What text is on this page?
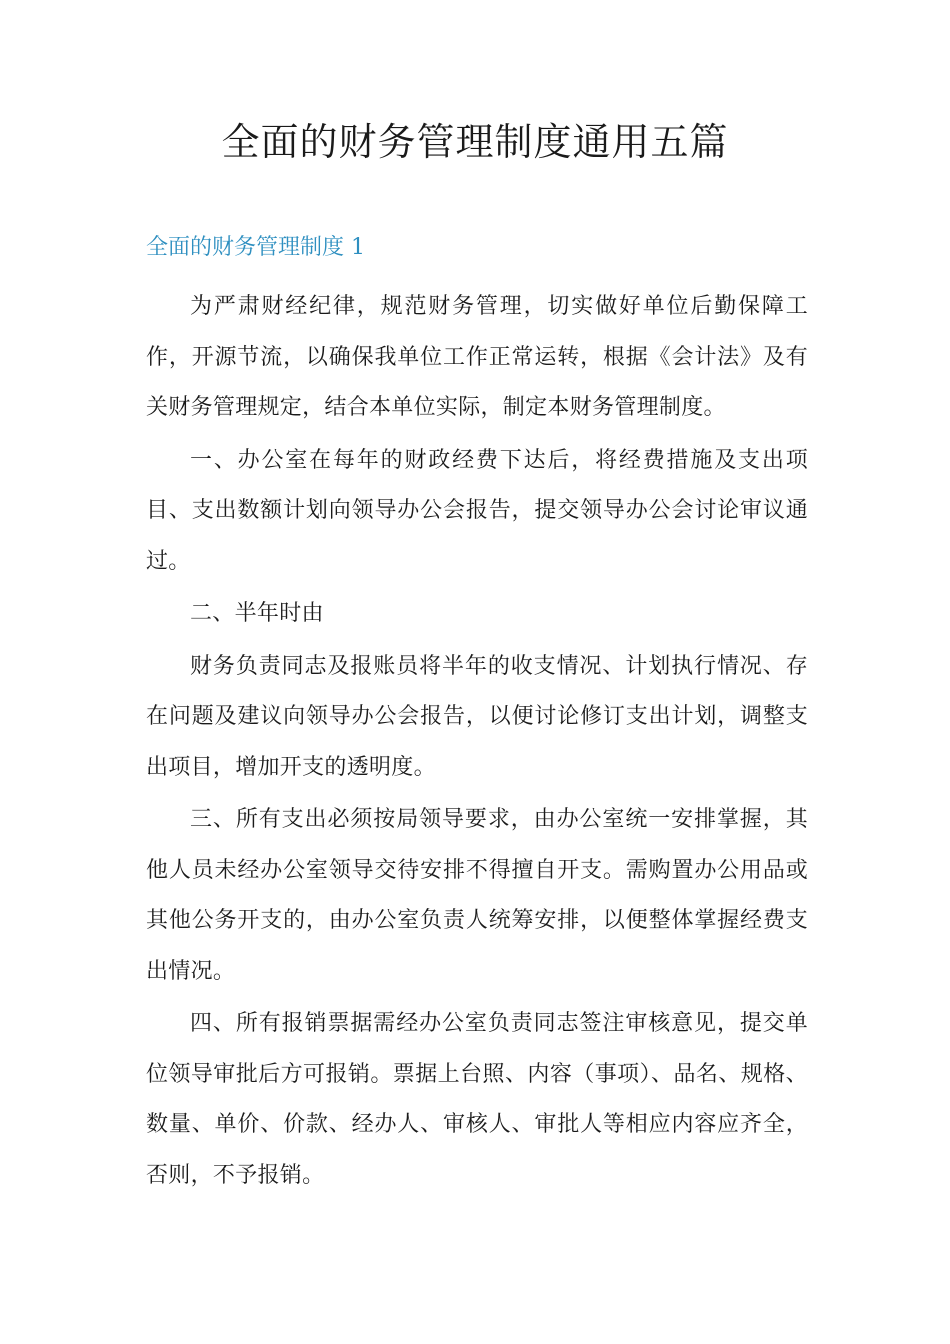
全面的财务管理制度通用五篇
全面的财务管理制度 1

为严肃财经纪律，规范财务管理，切实做好单位后勤保障工作，开源节流，以确保我单位工作正常运转，根据《会计法》及有关财务管理规定，结合本单位实际，制定本财务管理制度。

一、办公室在每年的财政经费下达后，将经费措施及支出项目、支出数额计划向领导办公会报告，提交领导办公会讨论审议通过。

二、半年时由

财务负责同志及报账员将半年的收支情况、计划执行情况、存在问题及建议向领导办公会报告，以便讨论修订支出计划，调整支出项目，增加开支的透明度。

三、所有支出必须按局领导要求，由办公室统一安排掌握，其他人员未经办公室领导交待安排不得擅自开支。需购置办公用品或其他公务开支的，由办公室负责人统筹安排，以便整体掌握经费支出情况。

四、所有报销票据需经办公室负责同志签注审核意见，提交单位领导审批后方可报销。票据上台照、内容（事项）、品名、规格、数量、单价、价款、经办人、审核人、审批人等相应内容应齐全，否则，不予报销。
